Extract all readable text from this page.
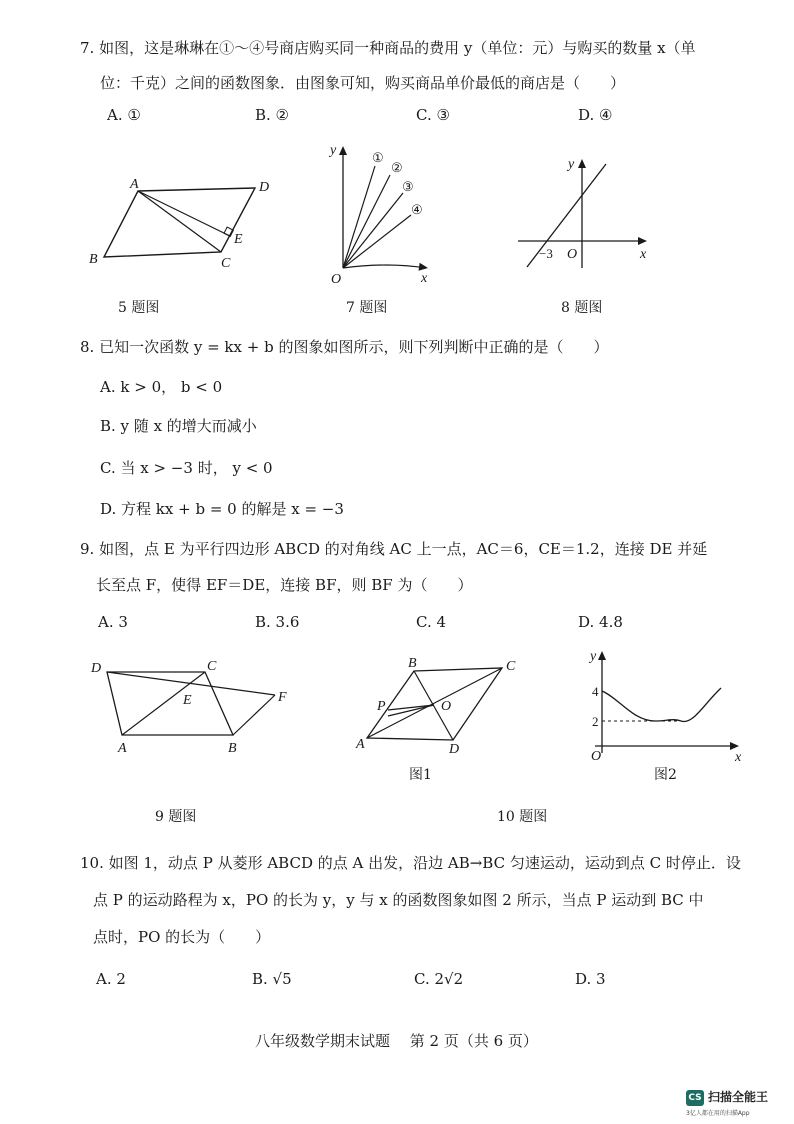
7. 如图，这是琳琳在①～④号商店购买同一种商品的费用 y（单位：元）与购买的数量 x（单
位：千克）之间的函数图象．由图象可知，购买商品单价最低的商店是（　　）
A. ①	B. ②	C. ③	D. ④
A	D
B	C
E
5 题图
y
O	x
①
②
③
④
7 题图
y
−3 O	x
8 题图
8. 已知一次函数 y = kx + b 的图象如图所示，则下列判断中正确的是（　　）
A. k > 0， b < 0
B. y 随 x 的增大而减小
C. 当 x > −3 时， y < 0
D. 方程 kx + b = 0 的解是 x = −3
9. 如图，点 E 为平行四边形 ABCD 的对角线 AC 上一点，AC＝6，CE＝1.2，连接 DE 并延
长至点 F，使得 EF＝DE，连接 BF，则 BF 为（　　）
A. 3	B. 3.6	C. 4	D. 4.8
D	C
E	F
A	B
9 题图
B	C
P	O
A	D
图1
y
4
2
O	x
图2
10 题图
10. 如图 1，动点 P 从菱形 ABCD 的点 A 出发，沿边 AB→BC 匀速运动，运动到点 C 时停止．设
点 P 的运动路程为 x，PO 的长为 y，y 与 x 的函数图象如图 2 所示，当点 P 运动到 BC 中
点时，PO 的长为（　　）
A. 2	B. √5	C. 2√2	D. 3
八年级数学期末试题　 第 2 页（共 6 页）
CS 扫描全能王
3亿人都在用的扫描App
